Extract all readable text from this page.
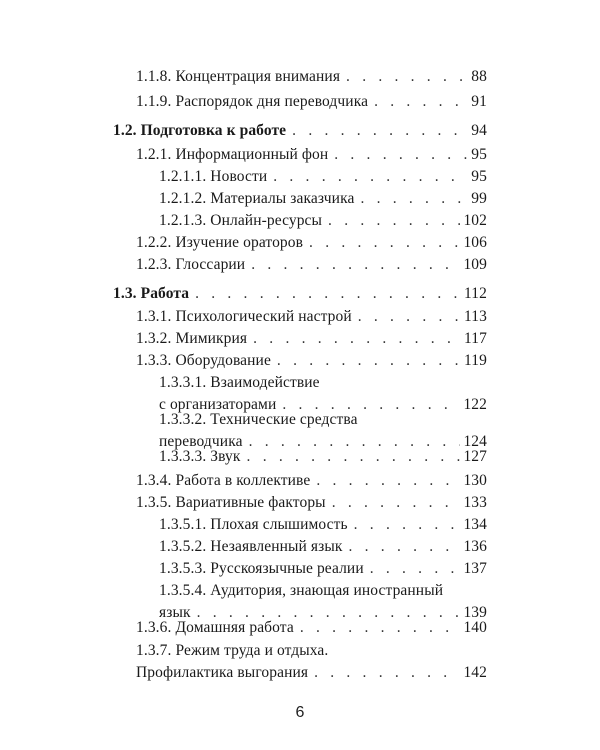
1.1.8. Концентрация внимания . . .	88
1.1.9. Распорядок дня переводчика . . .	91
1.2. Подготовка к работе . . .	94
1.2.1. Информационный фон . . .	95
1.2.1.1. Новости . . .	95
1.2.1.2. Материалы заказчика . . .	99
1.2.1.3. Онлайн-ресурсы . . .	102
1.2.2. Изучение ораторов . . .	106
1.2.3. Глоссарии . . .	109
1.3. Работа . . .	112
1.3.1. Психологический настрой . . .	113
1.3.2. Мимикрия . . .	117
1.3.3. Оборудование . . .	119
1.3.3.1. Взаимодействие
с организаторами . . .	122
1.3.3.2. Технические средства
переводчика . . .	124
1.3.3.3. Звук . . .	127
1.3.4. Работа в коллективе . . .	130
1.3.5. Вариативные факторы . . .	133
1.3.5.1. Плохая слышимость . . .	134
1.3.5.2. Незаявленный язык . . .	136
1.3.5.3. Русскоязычные реалии . . .	137
1.3.5.4. Аудитория, знающая иностранный
язык . . .	139
1.3.6. Домашняя работа . . .	140
1.3.7. Режим труда и отдыха.
Профилактика выгорания . . .	142
6
